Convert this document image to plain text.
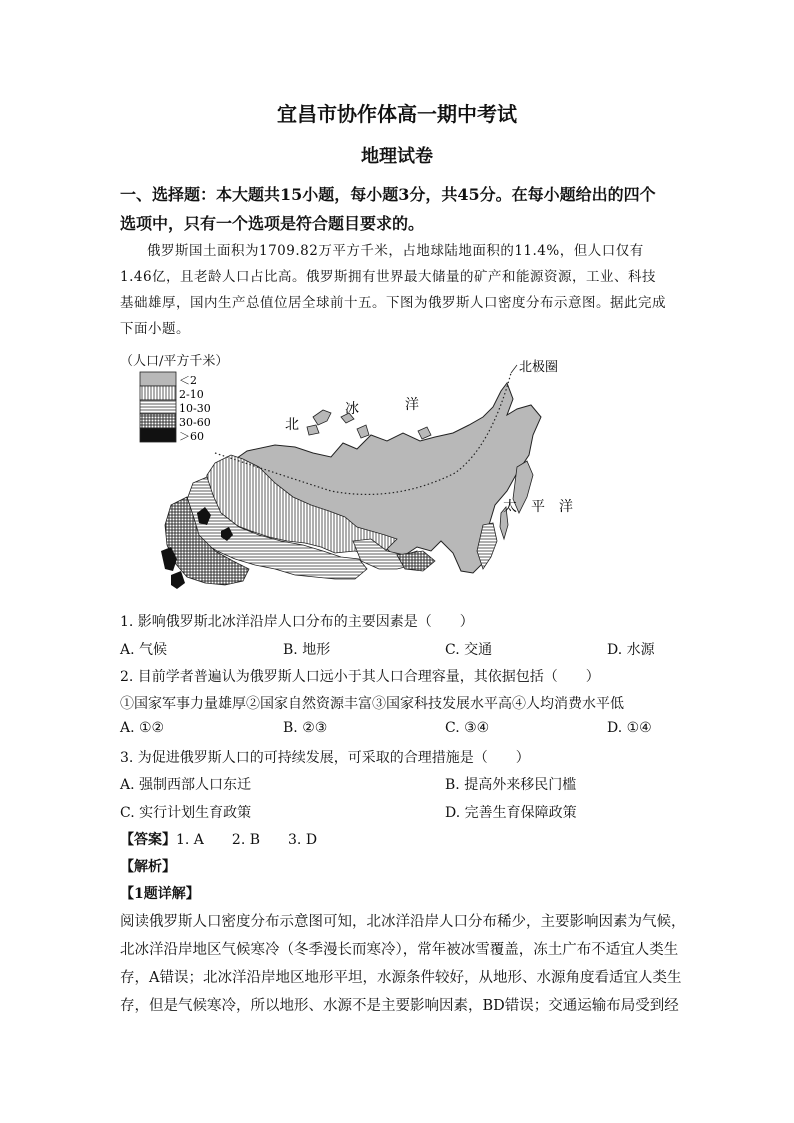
宜昌市协作体高一期中考试
地理试卷
一、选择题：本大题共15小题，每小题3分，共45分。在每小题给出的四个
选项中，只有一个选项是符合题目要求的。
俄罗斯国土面积为1709.82万平方千米，占地球陆地面积的11.4%，但人口仅有1.46亿，且老龄人口占比高。俄罗斯拥有世界最大储量的矿产和能源资源，工业、科技基础雄厚，国内生产总值位居全球前十五。下图为俄罗斯人口密度分布示意图。据此完成下面小题。
（人口/平方千米）
＜2
2-10
10-30
30-60
＞60
北极圈
北
冰	洋
太　平　洋
1. 影响俄罗斯北冰洋沿岸人口分布的主要因素是（　　）
A. 气候	B. 地形	C. 交通	D. 水源
2. 目前学者普遍认为俄罗斯人口远小于其人口合理容量，其依据包括（　　）
①国家军事力量雄厚②国家自然资源丰富③国家科技发展水平高④人均消费水平低
A. ①②	B. ②③	C. ③④	D. ①④
3. 为促进俄罗斯人口的可持续发展，可采取的合理措施是（　　）
A. 强制西部人口东迁	B. 提高外来移民门槛
C. 实行计划生育政策	D. 完善生育保障政策
【答案】1. A　　2. B　　3. D
【解析】
【1题详解】
阅读俄罗斯人口密度分布示意图可知，北冰洋沿岸人口分布稀少，主要影响因素为气候，
北冰洋沿岸地区气候寒冷（冬季漫长而寒冷），常年被冰雪覆盖，冻土广布不适宜人类生
存，A错误；北冰洋沿岸地区地形平坦，水源条件较好，从地形、水源角度看适宜人类生
存，但是气候寒冷，所以地形、水源不是主要影响因素，BD错误；交通运输布局受到经
